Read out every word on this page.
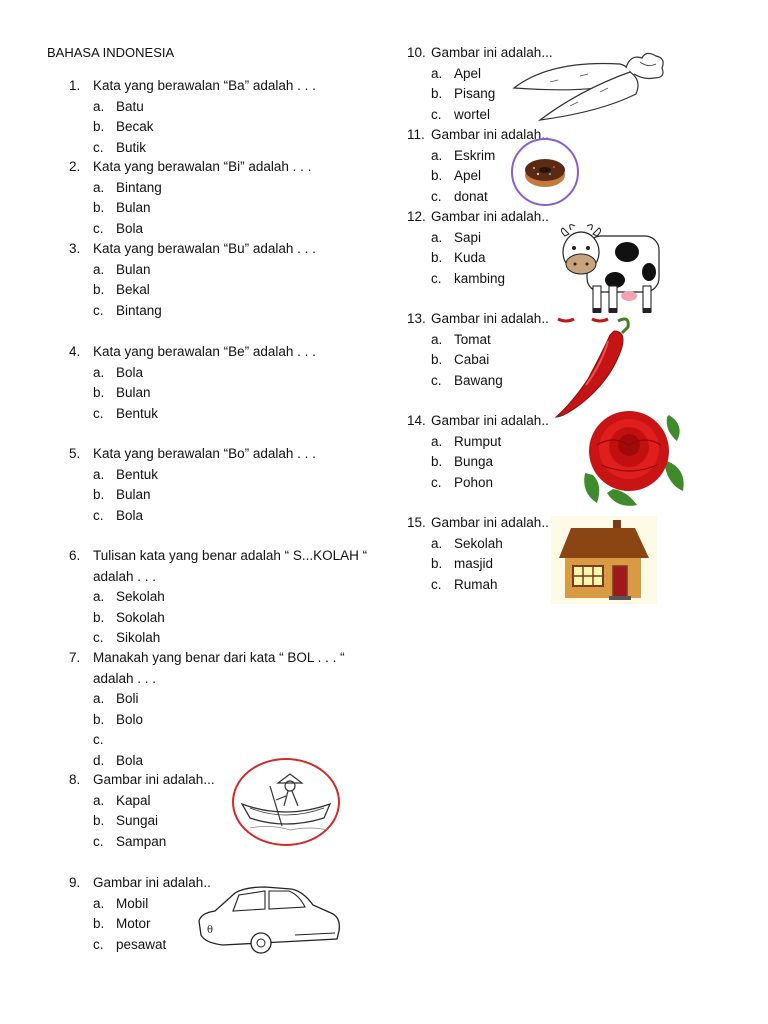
BAHASA INDONESIA
1. Kata yang berawalan “Ba” adalah . . .
a. Batu
b. Becak
c. Butik
2. Kata yang berawalan “Bi” adalah . . .
a. Bintang
b. Bulan
c. Bola
3. Kata yang berawalan “Bu” adalah . . .
a. Bulan
b. Bekal
c. Bintang
4. Kata yang berawalan “Be” adalah . . .
a. Bola
b. Bulan
c. Bentuk
5. Kata yang berawalan “Bo” adalah . . .
a. Bentuk
b. Bulan
c. Bola
6. Tulisan kata yang benar adalah “ S...KOLAH “
adalah . . .
a. Sekolah
b. Sokolah
c. Sikolah
7. Manakah yang benar dari kata “ BOL . . . “
adalah . . .
a. Boli
b. Bolo
c.
d. Bola
8. Gambar ini adalah...
a. Kapal
b. Sungai
c. Sampan
9. Gambar ini adalah..
a. Mobil
b. Motor
c. pesawat
10. Gambar ini adalah...
a. Apel
b. Pisang
c. wortel
11. Gambar ini adalah..
a. Eskrim
b. Apel
c. donat
12. Gambar ini adalah..
a. Sapi
b. Kuda
c. kambing
13. Gambar ini adalah..
a. Tomat
b. Cabai
c. Bawang
14. Gambar ini adalah..
a. Rumput
b. Bunga
c. Pohon
15. Gambar ini adalah..
a. Sekolah
b. masjid
c. Rumah
θ
